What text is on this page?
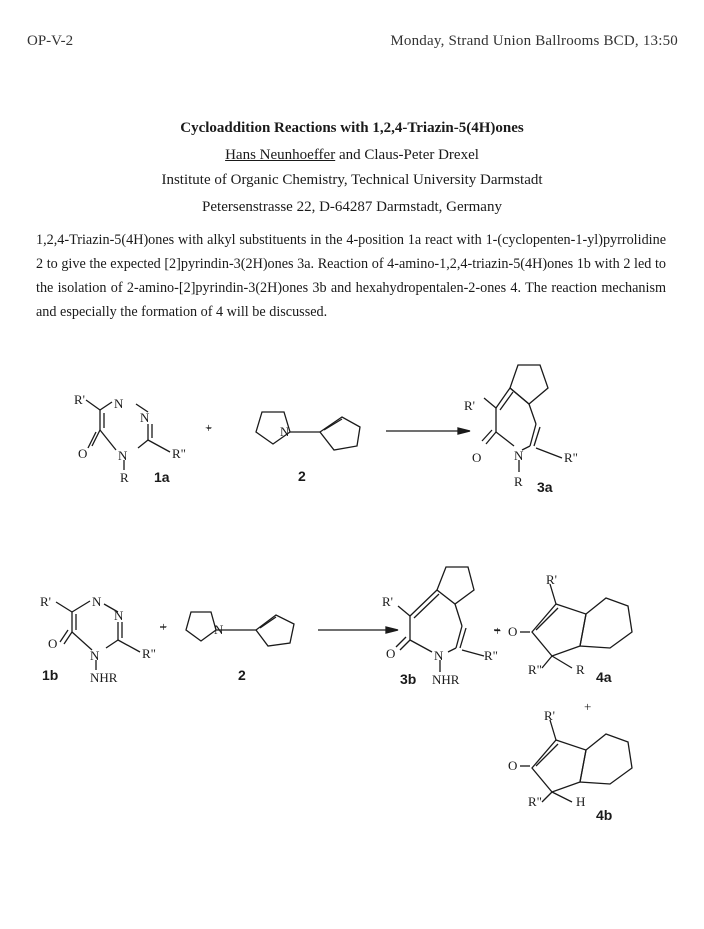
OP-V-2	Monday, Strand Union Ballrooms BCD, 13:50
Cycloaddition Reactions with 1,2,4-Triazin-5(4H)ones
Hans Neunhoeffer and Claus-Peter Drexel
Institute of Organic Chemistry, Technical University Darmstadt
Petersenstrasse 22, D-64287 Darmstadt, Germany
1,2,4-Triazin-5(4H)ones with alkyl substituents in the 4-position 1a react with 1-(cyclopenten-1-yl)pyrrolidine 2 to give the expected [2]pyrindin-3(2H)ones 3a. Reaction of 4-amino-1,2,4-triazin-5(4H)ones 1b with 2 led to the isolation of 2-amino-[2]pyrindin-3(2H)ones 3b and hexahydropentalen-2-ones 4. The reaction mechanism and especially the formation of 4 will be discussed.
R' N
N
R"
O N
R 1a	2
N
R'
O	N	R"
R 3a
R'	N
N
R"
O
N
NHR
1b	2
N
+
R'
O	N	R"
NHR
3b
+
R'
O
R"	R 4a
+
R'
O
R"	H
4b
+
